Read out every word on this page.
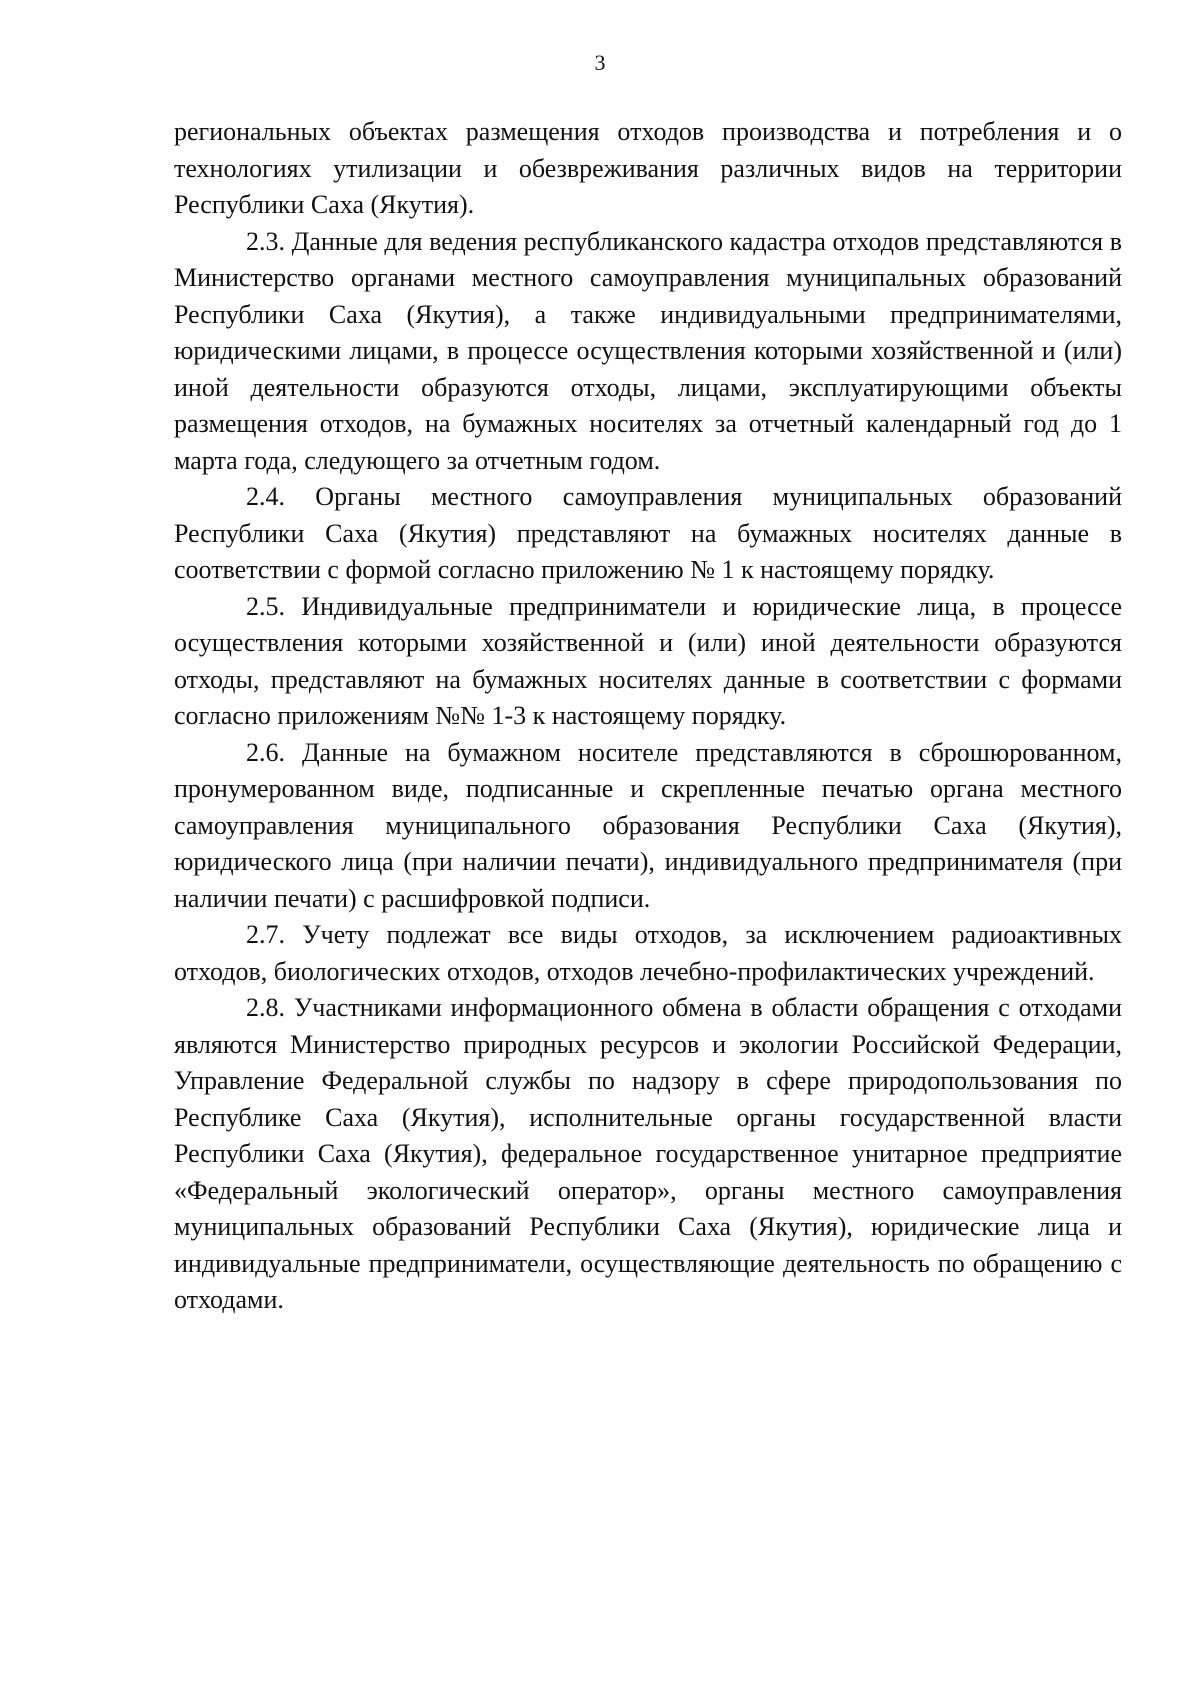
3

региональных объектах размещения отходов производства и потребления и о технологиях утилизации и обезвреживания различных видов на территории Республики Саха (Якутия).

2.3. Данные для ведения республиканского кадастра отходов представляются в Министерство органами местного самоуправления муниципальных образований Республики Саха (Якутия), а также индивидуальными предпринимателями, юридическими лицами, в процессе осуществления которыми хозяйственной и (или) иной деятельности образуются отходы, лицами, эксплуатирующими объекты размещения отходов, на бумажных носителях за отчетный календарный год до 1 марта года, следующего за отчетным годом.

2.4. Органы местного самоуправления муниципальных образований Республики Саха (Якутия) представляют на бумажных носителях данные в соответствии с формой согласно приложению № 1 к настоящему порядку.

2.5. Индивидуальные предприниматели и юридические лица, в процессе осуществления которыми хозяйственной и (или) иной деятельности образуются отходы, представляют на бумажных носителях данные в соответствии с формами согласно приложениям №№ 1-3 к настоящему порядку.

2.6. Данные на бумажном носителе представляются в сброшюрованном, пронумерованном виде, подписанные и скрепленные печатью органа местного самоуправления муниципального образования Республики Саха (Якутия), юридического лица (при наличии печати), индивидуального предпринимателя (при наличии печати) с расшифровкой подписи.

2.7. Учету подлежат все виды отходов, за исключением радиоактивных отходов, биологических отходов, отходов лечебно-профилактических учреждений.

2.8. Участниками информационного обмена в области обращения с отходами являются Министерство природных ресурсов и экологии Российской Федерации, Управление Федеральной службы по надзору в сфере природопользования по Республике Саха (Якутия), исполнительные органы государственной власти Республики Саха (Якутия), федеральное государственное унитарное предприятие «Федеральный экологический оператор», органы местного самоуправления муниципальных образований Республики Саха (Якутия), юридические лица и индивидуальные предприниматели, осуществляющие деятельность по обращению с отходами.
